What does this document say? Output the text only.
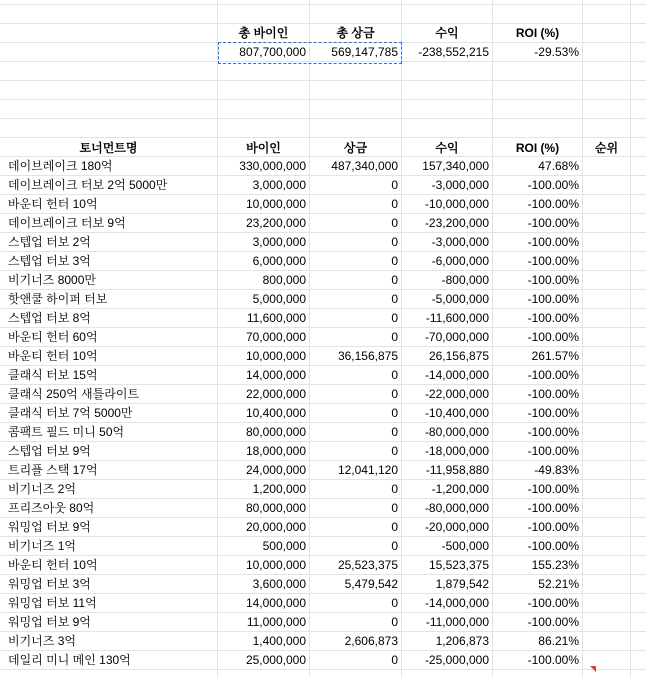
총 바이인	총 상금	수익	ROI (%)
807,700,000	569,147,785	-238,552,215	-29.53%
토너먼트명	바이인	상금	수익	ROI (%)	순위
데이브레이크 180억	330,000,000	487,340,000	157,340,000	47.68%
데이브레이크 터보 2억 5000만	3,000,000	0	-3,000,000	-100.00%
바운티 헌터 10억	10,000,000	0	-10,000,000	-100.00%
데이브레이크 터보 9억	23,200,000	0	-23,200,000	-100.00%
스텝업 터보 2억	3,000,000	0	-3,000,000	-100.00%
스텝업 터보 3억	6,000,000	0	-6,000,000	-100.00%
비기너즈 8000만	800,000	0	-800,000	-100.00%
핫앤쿨 하이퍼 터보	5,000,000	0	-5,000,000	-100.00%
스텝업 터보 8억	11,600,000	0	-11,600,000	-100.00%
바운티 헌터 60억	70,000,000	0	-70,000,000	-100.00%
바운티 헌터 10억	10,000,000	36,156,875	26,156,875	261.57%
클래식 터보 15억	14,000,000	0	-14,000,000	-100.00%
클래식 250억 새틀라이트	22,000,000	0	-22,000,000	-100.00%
클래식 터보 7억 5000만	10,400,000	0	-10,400,000	-100.00%
콤팩트 필드 미니 50억	80,000,000	0	-80,000,000	-100.00%
스텝업 터보 9억	18,000,000	0	-18,000,000	-100.00%
트리플 스택 17억	24,000,000	12,041,120	-11,958,880	-49.83%
비기너즈 2억	1,200,000	0	-1,200,000	-100.00%
프리즈아웃 80억	80,000,000	0	-80,000,000	-100.00%
워밍업 터보 9억	20,000,000	0	-20,000,000	-100.00%
비기너즈 1억	500,000	0	-500,000	-100.00%
바운티 헌터 10억	10,000,000	25,523,375	15,523,375	155.23%
워밍업 터보 3억	3,600,000	5,479,542	1,879,542	52.21%
워밍업 터보 11억	14,000,000	0	-14,000,000	-100.00%
워밍업 터보 9억	11,000,000	0	-11,000,000	-100.00%
비기너즈 3억	1,400,000	2,606,873	1,206,873	86.21%
데일리 미니 메인 130억	25,000,000	0	-25,000,000	-100.00%
